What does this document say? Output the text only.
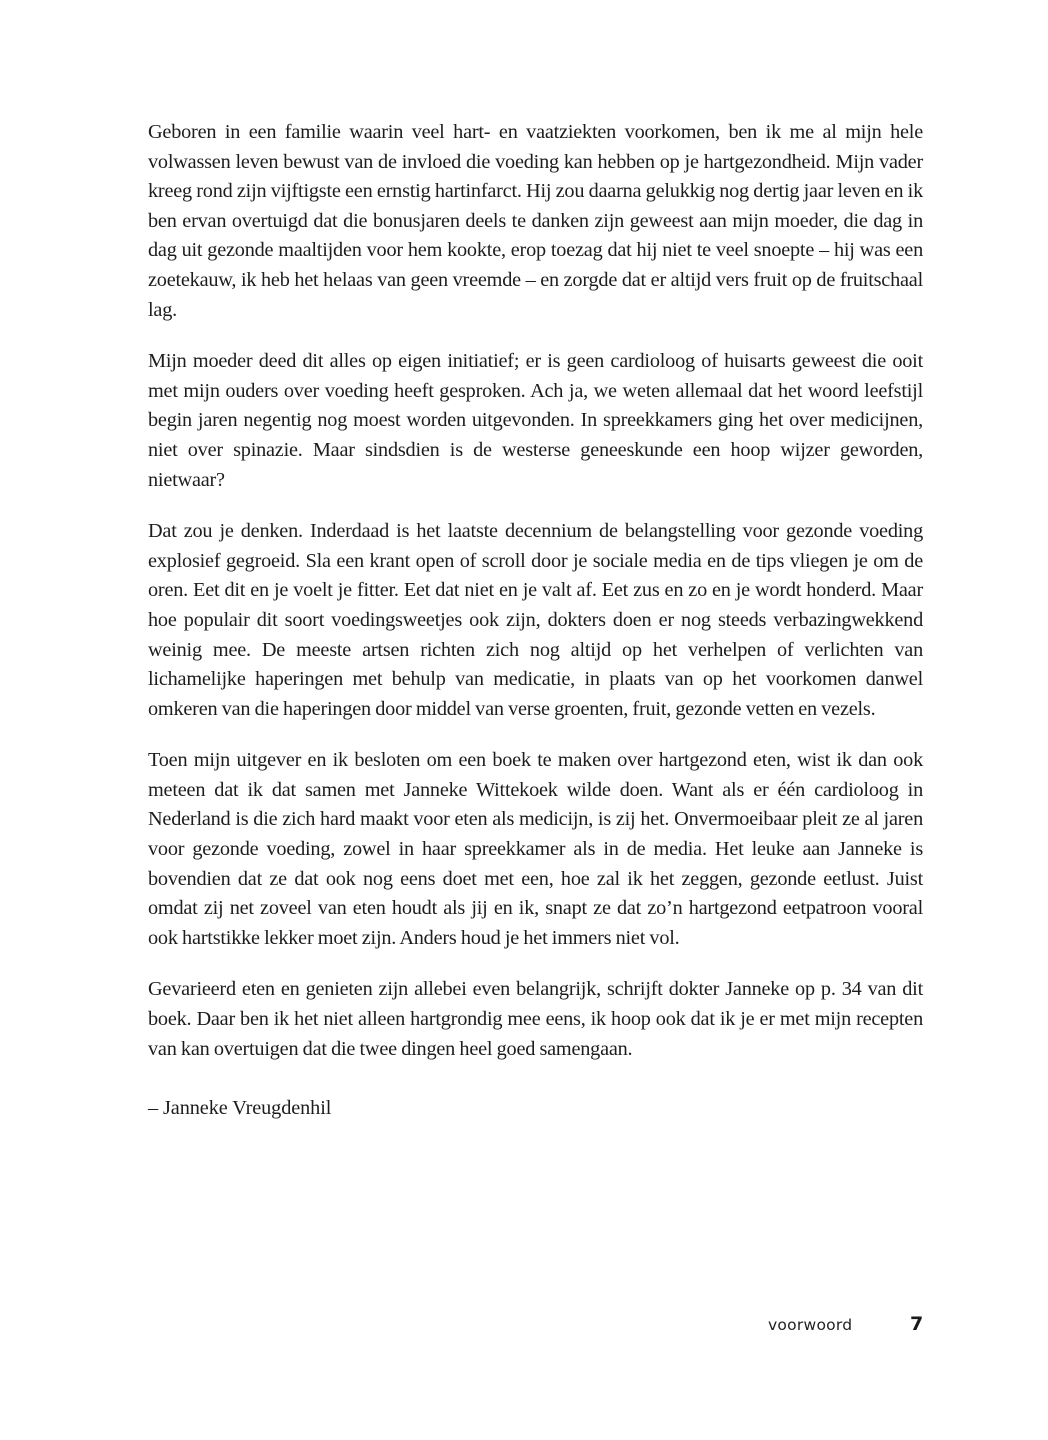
Geboren in een familie waarin veel hart- en vaatziekten voorkomen, ben ik me al mijn hele volwassen leven bewust van de invloed die voeding kan hebben op je hartgezondheid. Mijn vader kreeg rond zijn vijftigste een ernstig hartinfarct. Hij zou daarna gelukkig nog dertig jaar leven en ik ben ervan overtuigd dat die bonusjaren deels te danken zijn geweest aan mijn moeder, die dag in dag uit gezonde maaltijden voor hem kookte, erop toezag dat hij niet te veel snoepte – hij was een zoetekauw, ik heb het helaas van geen vreemde – en zorgde dat er altijd vers fruit op de fruitschaal lag.

Mijn moeder deed dit alles op eigen initiatief; er is geen cardioloog of huisarts geweest die ooit met mijn ouders over voeding heeft gesproken. Ach ja, we weten allemaal dat het woord leefstijl begin jaren negentig nog moest worden uitgevonden. In spreekkamers ging het over medicijnen, niet over spinazie. Maar sindsdien is de westerse geneeskunde een hoop wijzer geworden, nietwaar?

Dat zou je denken. Inderdaad is het laatste decennium de belangstelling voor gezonde voeding explosief gegroeid. Sla een krant open of scroll door je sociale media en de tips vliegen je om de oren. Eet dit en je voelt je fitter. Eet dat niet en je valt af. Eet zus en zo en je wordt honderd. Maar hoe populair dit soort voedingsweetjes ook zijn, dokters doen er nog steeds verbazingwekkend weinig mee. De meeste artsen richten zich nog altijd op het verhelpen of verlichten van lichamelijke haperingen met behulp van medicatie, in plaats van op het voorkomen danwel omkeren van die haperingen door middel van verse groenten, fruit, gezonde vetten en vezels.

Toen mijn uitgever en ik besloten om een boek te maken over hartgezond eten, wist ik dan ook meteen dat ik dat samen met Janneke Wittekoek wilde doen. Want als er één cardioloog in Nederland is die zich hard maakt voor eten als medicijn, is zij het. Onvermoeibaar pleit ze al jaren voor gezonde voeding, zowel in haar spreekkamer als in de media. Het leuke aan Janneke is bovendien dat ze dat ook nog eens doet met een, hoe zal ik het zeggen, gezonde eetlust. Juist omdat zij net zoveel van eten houdt als jij en ik, snapt ze dat zo’n hartgezond eetpatroon vooral ook hartstikke lekker moet zijn. Anders houd je het immers niet vol.

Gevarieerd eten en genieten zijn allebei even belangrijk, schrijft dokter Janneke op p. 34 van dit boek. Daar ben ik het niet alleen hartgrondig mee eens, ik hoop ook dat ik je er met mijn recepten van kan overtuigen dat die twee dingen heel goed samengaan.

– Janneke Vreugdenhil

voorwoord	7
